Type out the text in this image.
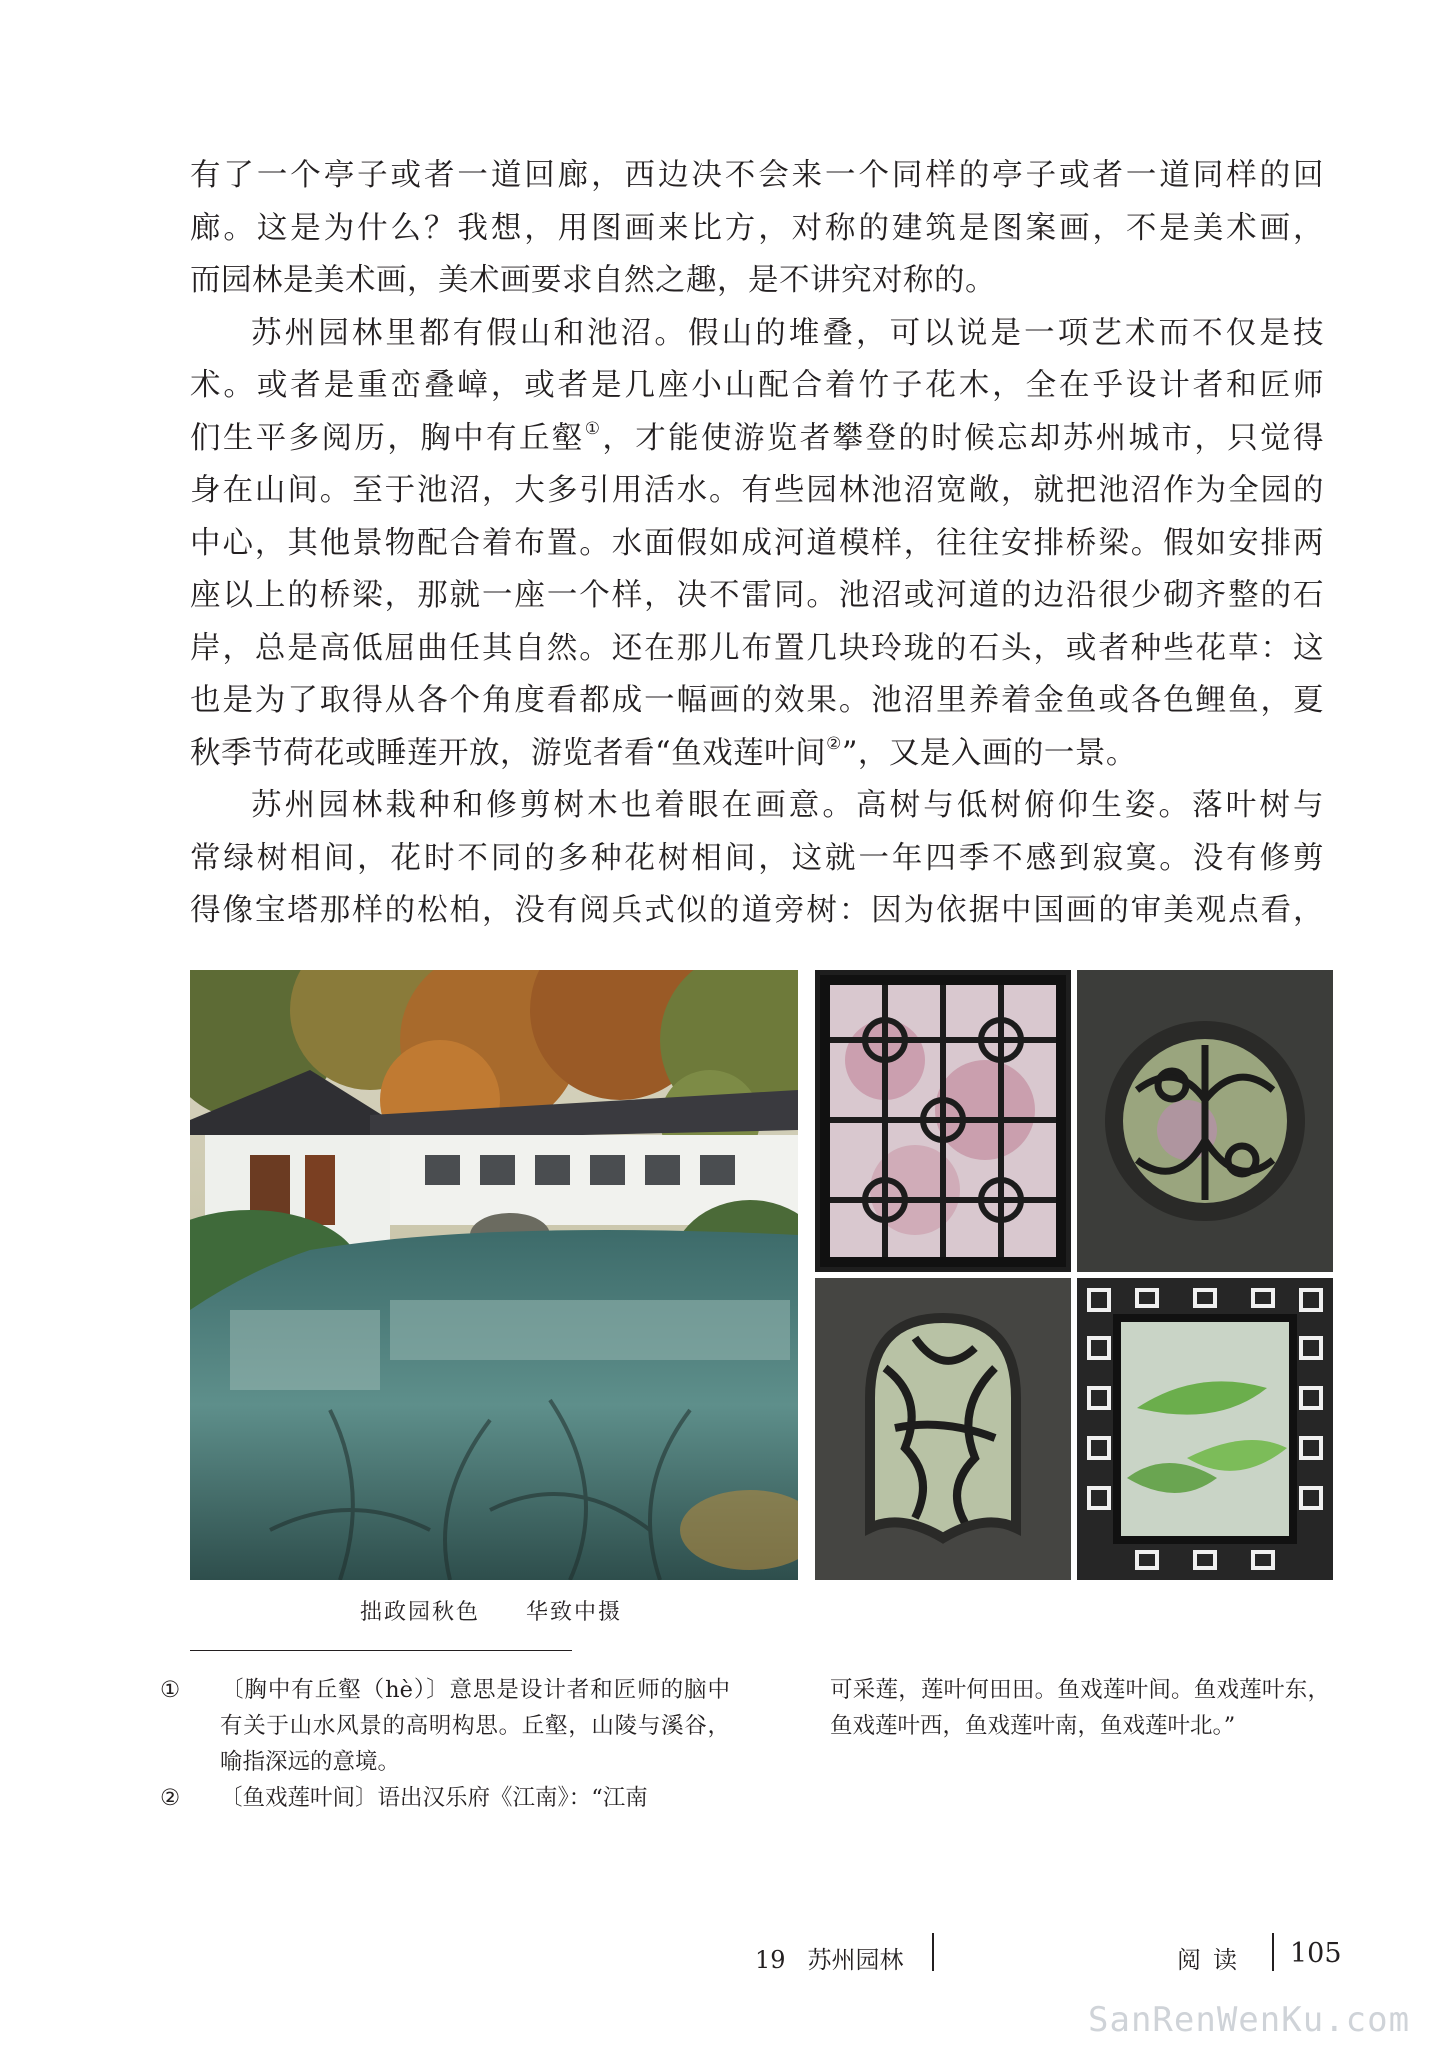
有了一个亭子或者一道回廊，西边决不会来一个同样的亭子或者一道同样的回

廊。这是为什么？我想，用图画来比方，对称的建筑是图案画，不是美术画，

而园林是美术画，美术画要求自然之趣，是不讲究对称的。

苏州园林里都有假山和池沼。假山的堆叠，可以说是一项艺术而不仅是技

术。或者是重峦叠嶂，或者是几座小山配合着竹子花木，全在乎设计者和匠师

们生平多阅历，胸中有丘壑①，才能使游览者攀登的时候忘却苏州城市，只觉得

身在山间。至于池沼，大多引用活水。有些园林池沼宽敞，就把池沼作为全园的

中心，其他景物配合着布置。水面假如成河道模样，往往安排桥梁。假如安排两

座以上的桥梁，那就一座一个样，决不雷同。池沼或河道的边沿很少砌齐整的石

岸，总是高低屈曲任其自然。还在那儿布置几块玲珑的石头，或者种些花草：这

也是为了取得从各个角度看都成一幅画的效果。池沼里养着金鱼或各色鲤鱼，夏

秋季节荷花或睡莲开放，游览者看“鱼戏莲叶间②”，又是入画的一景。

苏州园林栽种和修剪树木也着眼在画意。高树与低树俯仰生姿。落叶树与

常绿树相间，花时不同的多种花树相间，这就一年四季不感到寂寞。没有修剪

得像宝塔那样的松柏，没有阅兵式似的道旁树：因为依据中国画的审美观点看，

拙政园秋色 华致中摄
① 〔胸中有丘壑（hè）〕意思是设计者和匠师的脑中有关于山水风景的高明构思。丘壑，山陵与溪谷，喻指深远的意境。
② 〔鱼戏莲叶间〕语出汉乐府《江南》：“江南
可采莲，莲叶何田田。鱼戏莲叶间。鱼戏莲叶东，鱼戏莲叶西，鱼戏莲叶南，鱼戏莲叶北。”
19 苏州园林	阅读 105
SanRenWenKu.com
